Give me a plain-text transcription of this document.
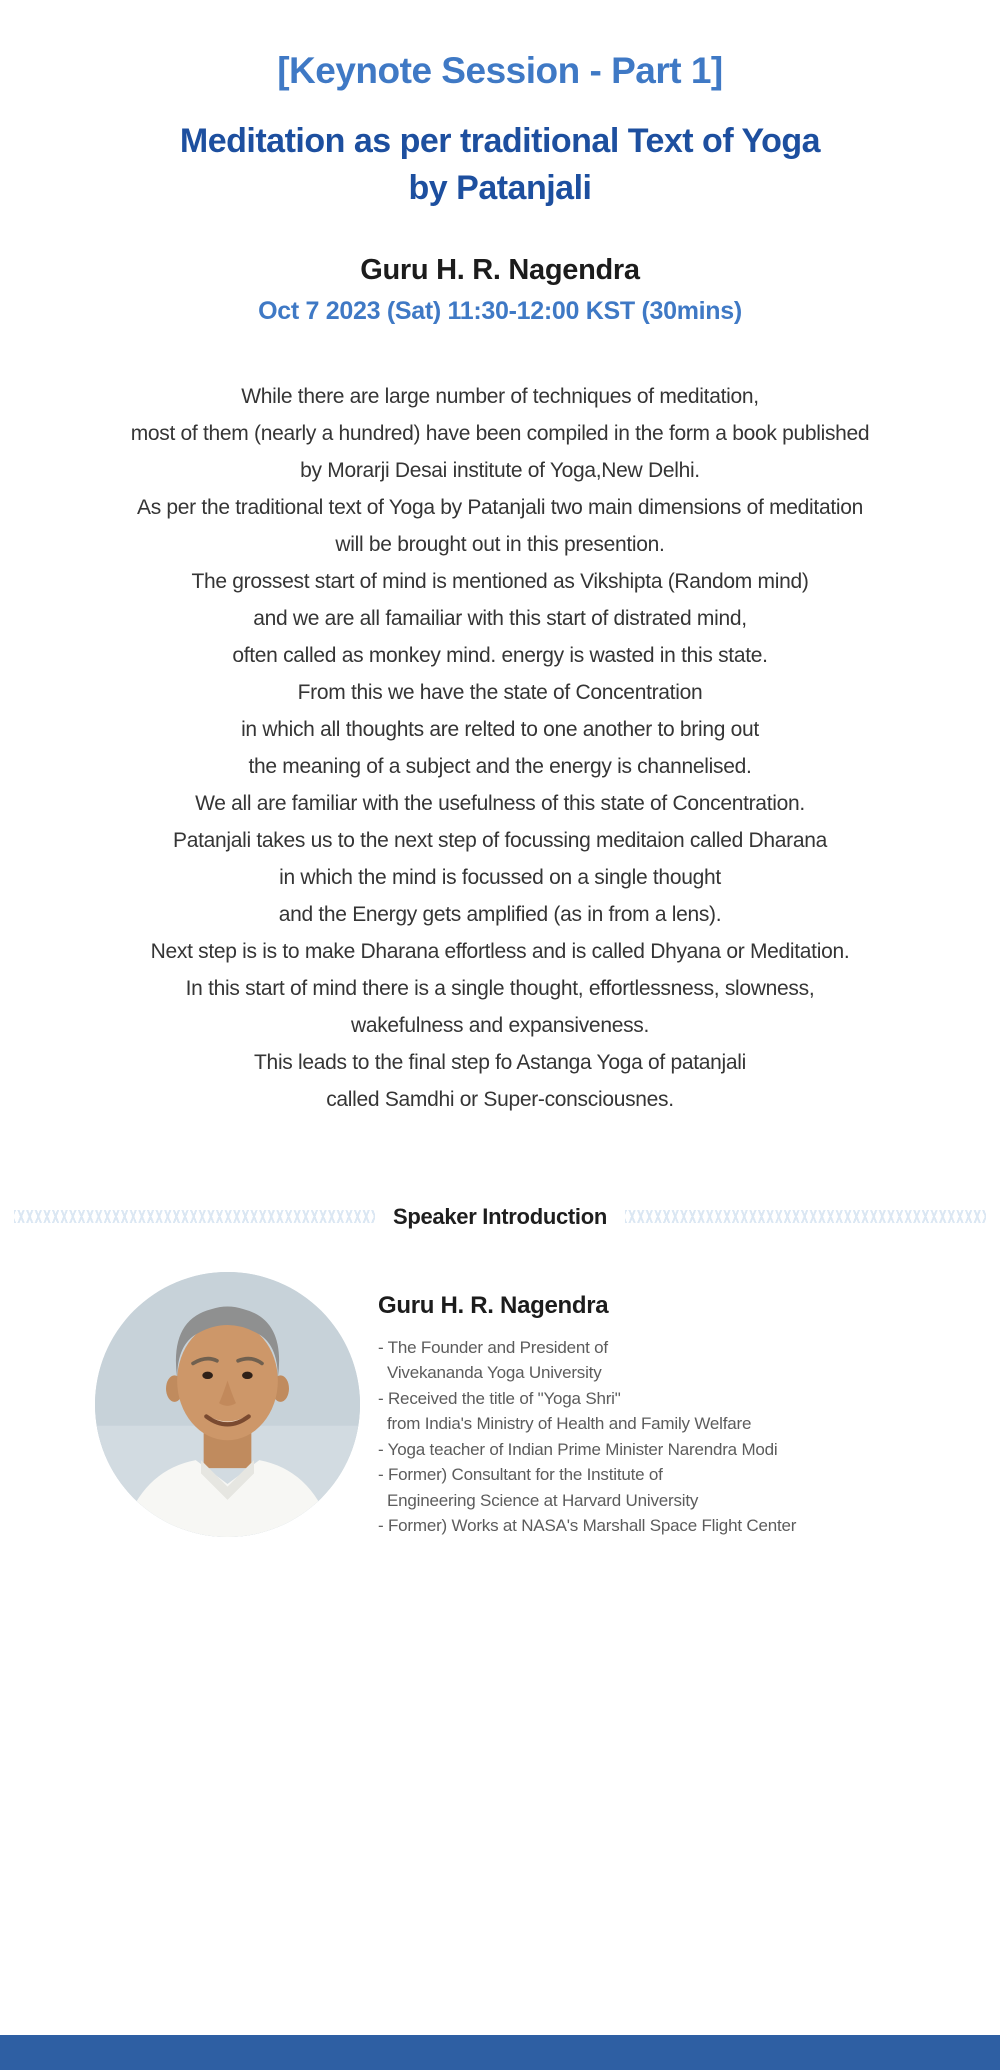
[Keynote Session - Part 1]
Meditation as per traditional Text of Yoga
by Patanjali

Guru H. R. Nagendra

Oct 7 2023 (Sat) 11:30-12:00 KST (30mins)

While there are large number of techniques of meditation,

most of them (nearly a hundred) have been compiled in the form a book published

by Morarji Desai institute of Yoga,New Delhi.

As per the traditional text of Yoga by Patanjali two main dimensions of meditation

will be brought out in this presention.

The grossest start of mind is mentioned as Vikshipta (Random mind)

and we are all famailiar with this start of distrated mind,

often called as monkey mind. energy is wasted in this state.

From this we have the state of Concentration

in which all thoughts are relted to one another to bring out

the meaning of a subject and the energy is channelised.

We all are familiar with the usefulness of this state of Concentration.

Patanjali takes us to the next step of focussing meditaion called Dharana

in which the mind is focussed on a single thought

and the Energy gets amplified (as in from a lens).

Next step is is to make Dharana effortless and is called Dhyana or Meditation.

In this start of mind there is a single thought, effortlessness, slowness,

wakefulness and expansiveness.

This leads to the final step fo Astanga Yoga of patanjali

called Samdhi or Super-consciousnes.

Speaker Introduction
Guru H. R. Nagendra
- The Founder and President of
Vivekananda Yoga University
- Received the title of "Yoga Shri"
from India's Ministry of Health and Family Welfare
- Yoga teacher of Indian Prime Minister Narendra Modi
- Former) Consultant for the Institute of
Engineering Science at Harvard University
- Former) Works at NASA's Marshall Space Flight Center
